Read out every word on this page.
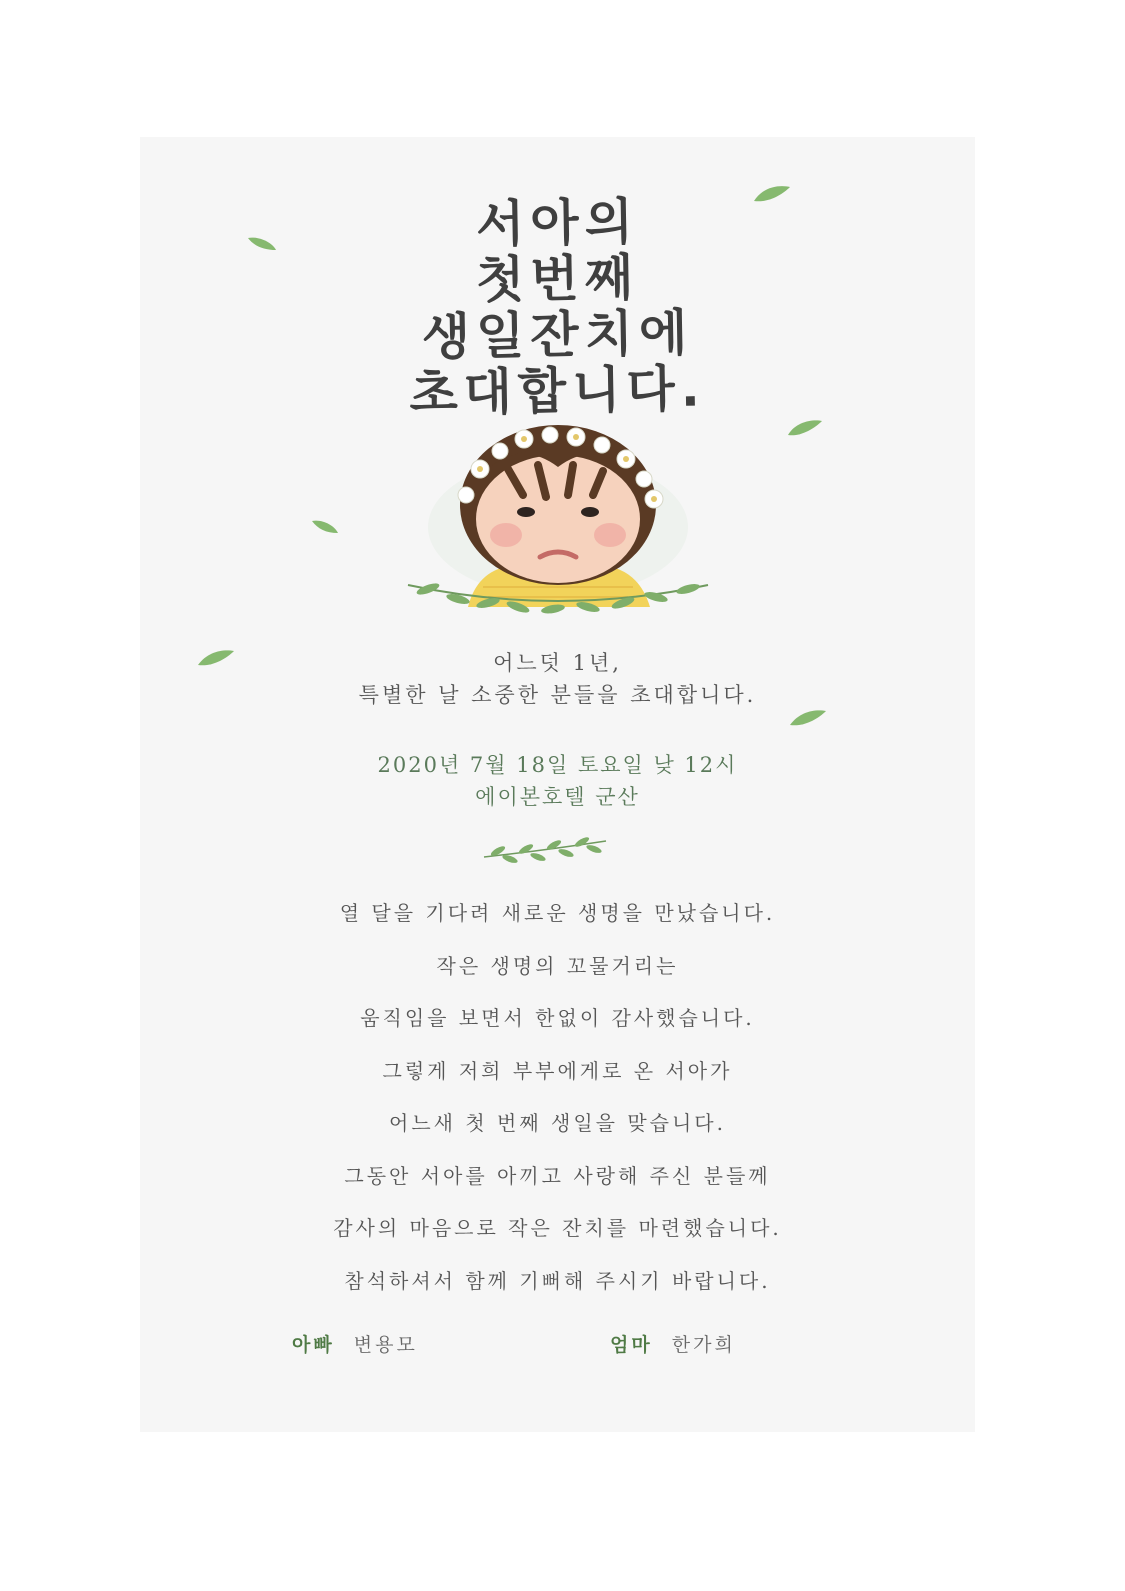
서아의
첫번째
생일잔치에
초대합니다.
어느덧 1년,
특별한 날 소중한 분들을 초대합니다.
2020년 7월 18일 토요일 낮 12시
에이본호텔 군산
열 달을 기다려 새로운 생명을 만났습니다.
작은 생명의 꼬물거리는
움직임을 보면서 한없이 감사했습니다.
그렇게 저희 부부에게로 온 서아가
어느새 첫 번째 생일을 맞습니다.
그동안 서아를 아끼고 사랑해 주신 분들께
감사의 마음으로 작은 잔치를 마련했습니다.
참석하셔서 함께 기뻐해 주시기 바랍니다.
아빠 변용모	엄마 한가희
